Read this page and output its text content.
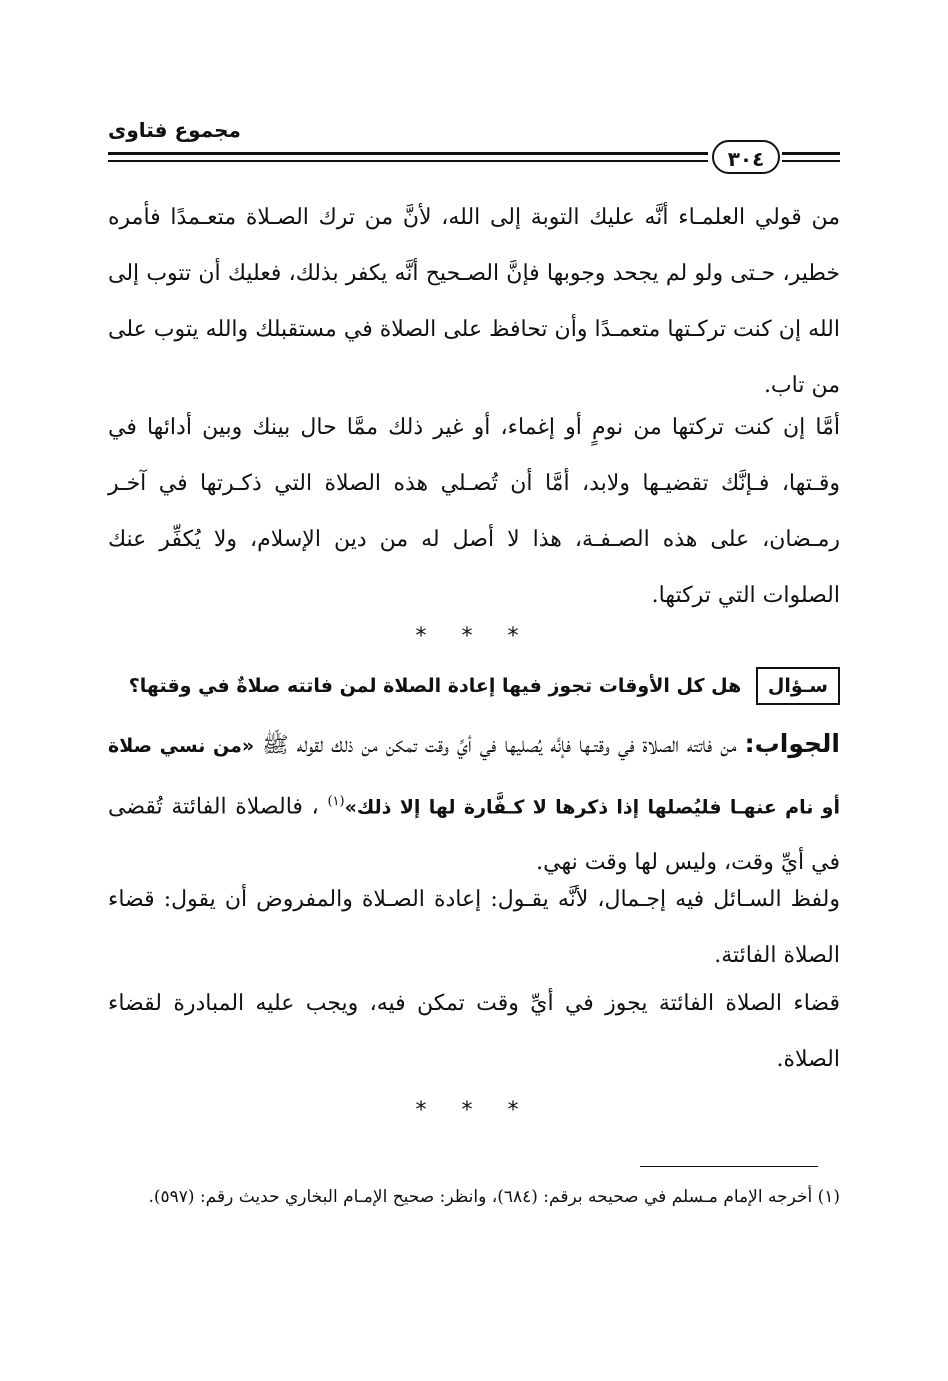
مجموع فتاوى
٣٠٤
من قولي العلمـاء أنَّه عليك التوبة إلى الله، لأنَّ من ترك الصـلاة متعـمدًا فأمره خطير، حـتى ولو لم يجحد وجوبها فإنَّ الصـحيح أنَّه يكفر بذلك، فعليك أن تتوب إلى الله إن كنت تركـتها متعمـدًا وأن تحافظ على الصلاة في مستقبلك والله يتوب على من تاب.
أمَّا إن كنت تركتها من نومٍ أو إغماء، أو غير ذلك ممَّا حال بينك وبين أدائها في وقـتها، فـإنَّك تقضيـها ولابد، أمَّا أن تُصـلي هذه الصلاة التي ذكـرتها في آخـر رمـضان، على هذه الصـفـة، هذا لا أصل له من دين الإسلام، ولا يُكفِّر عنك الصلوات التي تركتها.
* * *
سـؤال هل كل الأوقات تجوز فيها إعادة الصلاة لمن فاتته صلاةٌ في وقتها؟
الجواب: من فاتته الصلاة في وقتـها فإنَّه يُصليها في أيِّ وقت تمكن من ذلك لقوله ﷺ «من نسي صلاة أو نام عنهـا فليُصلها إذا ذكرها لا كـفَّارة لها إلا ذلك»$^{(١)}$ ، فالصلاة الفائتة تُقضى في أيِّ وقت، وليس لها وقت نهي.
ولفظ السـائل فيه إجـمال، لأنَّه يقـول: إعادة الصـلاة والمفروض أن يقول: قضاء الصلاة الفائتة.
قضاء الصلاة الفائتة يجوز في أيِّ وقت تمكن فيه، ويجب عليه المبادرة لقضاء الصلاة.
* * *
(١) أخرجه الإمام مـسلم في صحيحه برقم: (٦٨٤)، وانظر: صحيح الإمـام البخاري حديث رقم: (٥٩٧).
